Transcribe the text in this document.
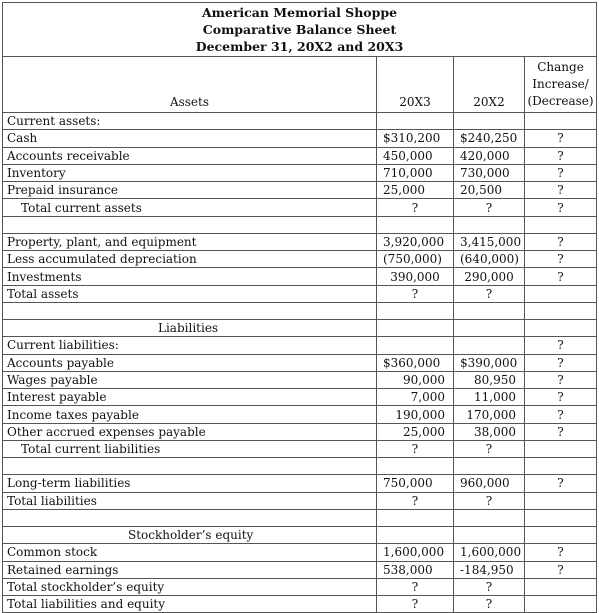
American Memorial Shoppe
Comparative Balance Sheet
December 31, 20X2 and 20X3			

Assets	20X3	20X2	Change
Increase/
(Decrease)

Current assets:			
Cash	$310,200	$240,250	?
Accounts receivable	450,000	420,000	?
Inventory	710,000	730,000	?
Prepaid insurance	25,000	20,500	?
Total current assets	?	?	?

Property, plant, and equipment	3,920,000	3,415,000	?
Less accumulated depreciation	(750,000)	(640,000)	?
Investments	390,000	290,000	?
Total assets	?	?	

Liabilities			
Current liabilities:			?
Accounts payable	$360,000	$390,000	?
Wages payable	90,000	80,950	?
Interest payable	7,000	11,000	?
Income taxes payable	190,000	170,000	?
Other accrued expenses payable	25,000	38,000	?
Total current liabilities	?	?	

Long-term liabilities	750,000	960,000	?
Total liabilities	?	?	

Stockholder’s equity			
Common stock	1,600,000	1,600,000	?
Retained earnings	538,000	-184,950	?
Total stockholder’s equity	?	?	
Total liabilities and equity	?	?	
